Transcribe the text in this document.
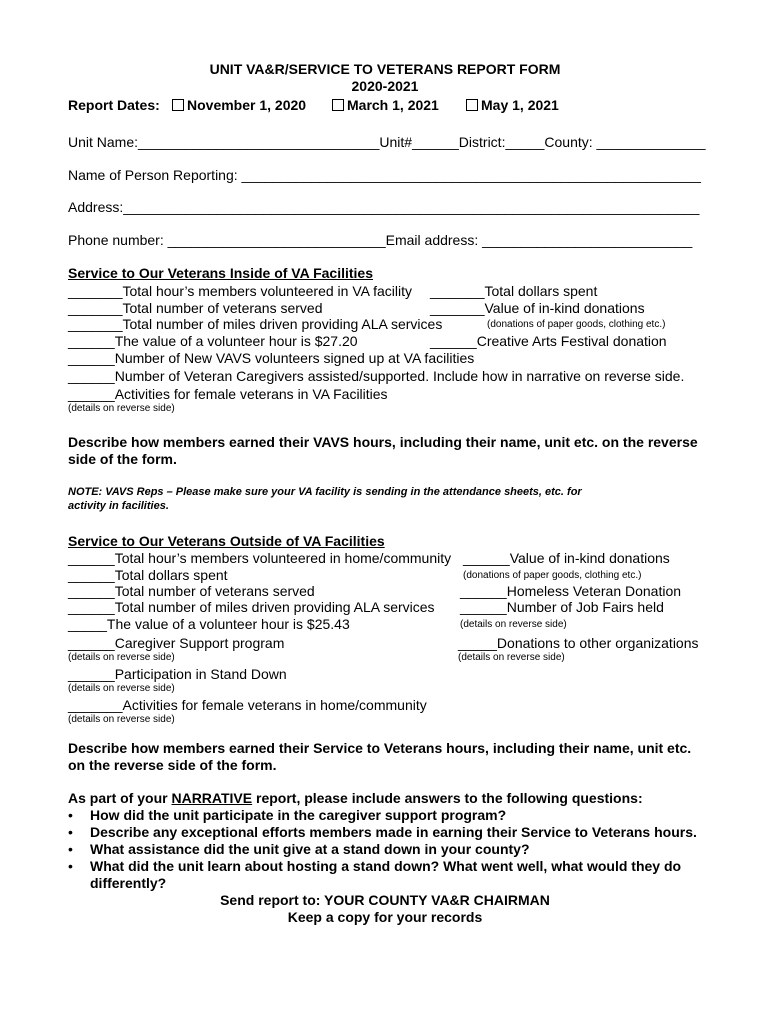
UNIT VA&R/SERVICE TO VETERANS REPORT FORM
2020-2021
Report Dates:	November 1, 2020	March 1, 2021	May 1, 2021
Unit Name:_______________________________Unit#______District:_____County: ______________
Name of Person Reporting: ___________________________________________________________
Address:__________________________________________________________________________
Phone number: ____________________________Email address: ___________________________
Service to Our Veterans Inside of VA Facilities
_______Total hour’s members volunteered in VA facility
_______Total number of veterans served
_______Total number of miles driven providing ALA services
______The value of a volunteer hour is $27.20
______Number of New VAVS volunteers signed up at VA facilities
______Number of Veteran Caregivers assisted/supported. Include how in narrative on reverse side.
______Activities for female veterans in VA Facilities
(details on reverse side)
_______Total dollars spent
_______Value of in-kind donations
(donations of paper goods, clothing etc.)
______Creative Arts Festival donation
Describe how members earned their VAVS hours, including their name, unit etc. on the reverse
side of the form.
NOTE: VAVS Reps – Please make sure your VA facility is sending in the attendance sheets, etc. for
activity in facilities.
Service to Our Veterans Outside of VA Facilities
______Total hour’s members volunteered in home/community
______Total dollars spent
______Total number of veterans served
______Total number of miles driven providing ALA services
_____The value of a volunteer hour is $25.43
______Caregiver Support program
(details on reverse side)
______Participation in Stand Down
(details on reverse side)
_______Activities for female veterans in home/community
(details on reverse side)
______Value of in-kind donations
(donations of paper goods, clothing etc.)
______Homeless Veteran Donation
______Number of Job Fairs held
(details on reverse side)
_____Donations to other organizations
(details on reverse side)
Describe how members earned their Service to Veterans hours, including their name, unit etc.
on the reverse side of the form.
As part of your NARRATIVE report, please include answers to the following questions:
• How did the unit participate in the caregiver support program?
• Describe any exceptional efforts members made in earning their Service to Veterans hours.
• What assistance did the unit give at a stand down in your county?
• What did the unit learn about hosting a stand down? What went well, what would they do
differently?
Send report to: YOUR COUNTY VA&R CHAIRMAN
Keep a copy for your records
